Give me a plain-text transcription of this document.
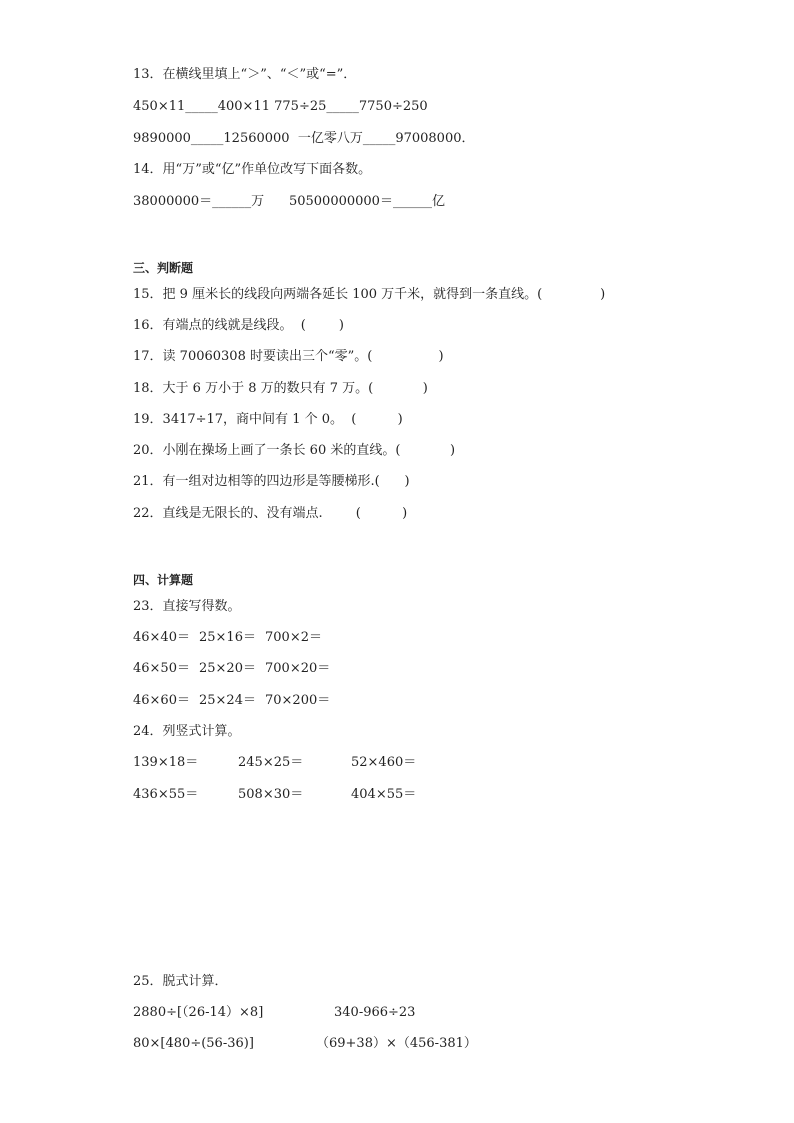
13．在横线里填上“＞”、“＜”或“=”．
450×11_____400×11 775÷25_____7750÷250
9890000_____12560000  一亿零八万_____97008000．
14．用“万”或“亿”作单位改写下面各数。
38000000＝______万      50500000000＝______亿
三、判断题
15．把 9 厘米长的线段向两端各延长 100 万千米，就得到一条直线。(              )
16．有端点的线就是线段。  (        )
17．读 70060308 时要读出三个“零”。(                )
18．大于 6 万小于 8 万的数只有 7 万。(            )
19．3417÷17，商中间有 1 个 0。  (          )
20．小刚在操场上画了一条长 60 米的直线。(            )
21．有一组对边相等的四边形是等腰梯形.(      )
22．直线是无限长的、没有端点.        (          )
四、计算题
23．直接写得数。
46×40＝ 25×16＝ 700×2＝
46×50＝ 25×20＝ 700×20＝
46×60＝ 25×24＝ 70×200＝
24．列竖式计算。
139×18＝	245×25＝	52×460＝
436×55＝	508×30＝	404×55＝
25．脱式计算．
2880÷[（26-14）×8]	340-966÷23
80×[480÷(56-36)]	（69+38）×（456-381）
